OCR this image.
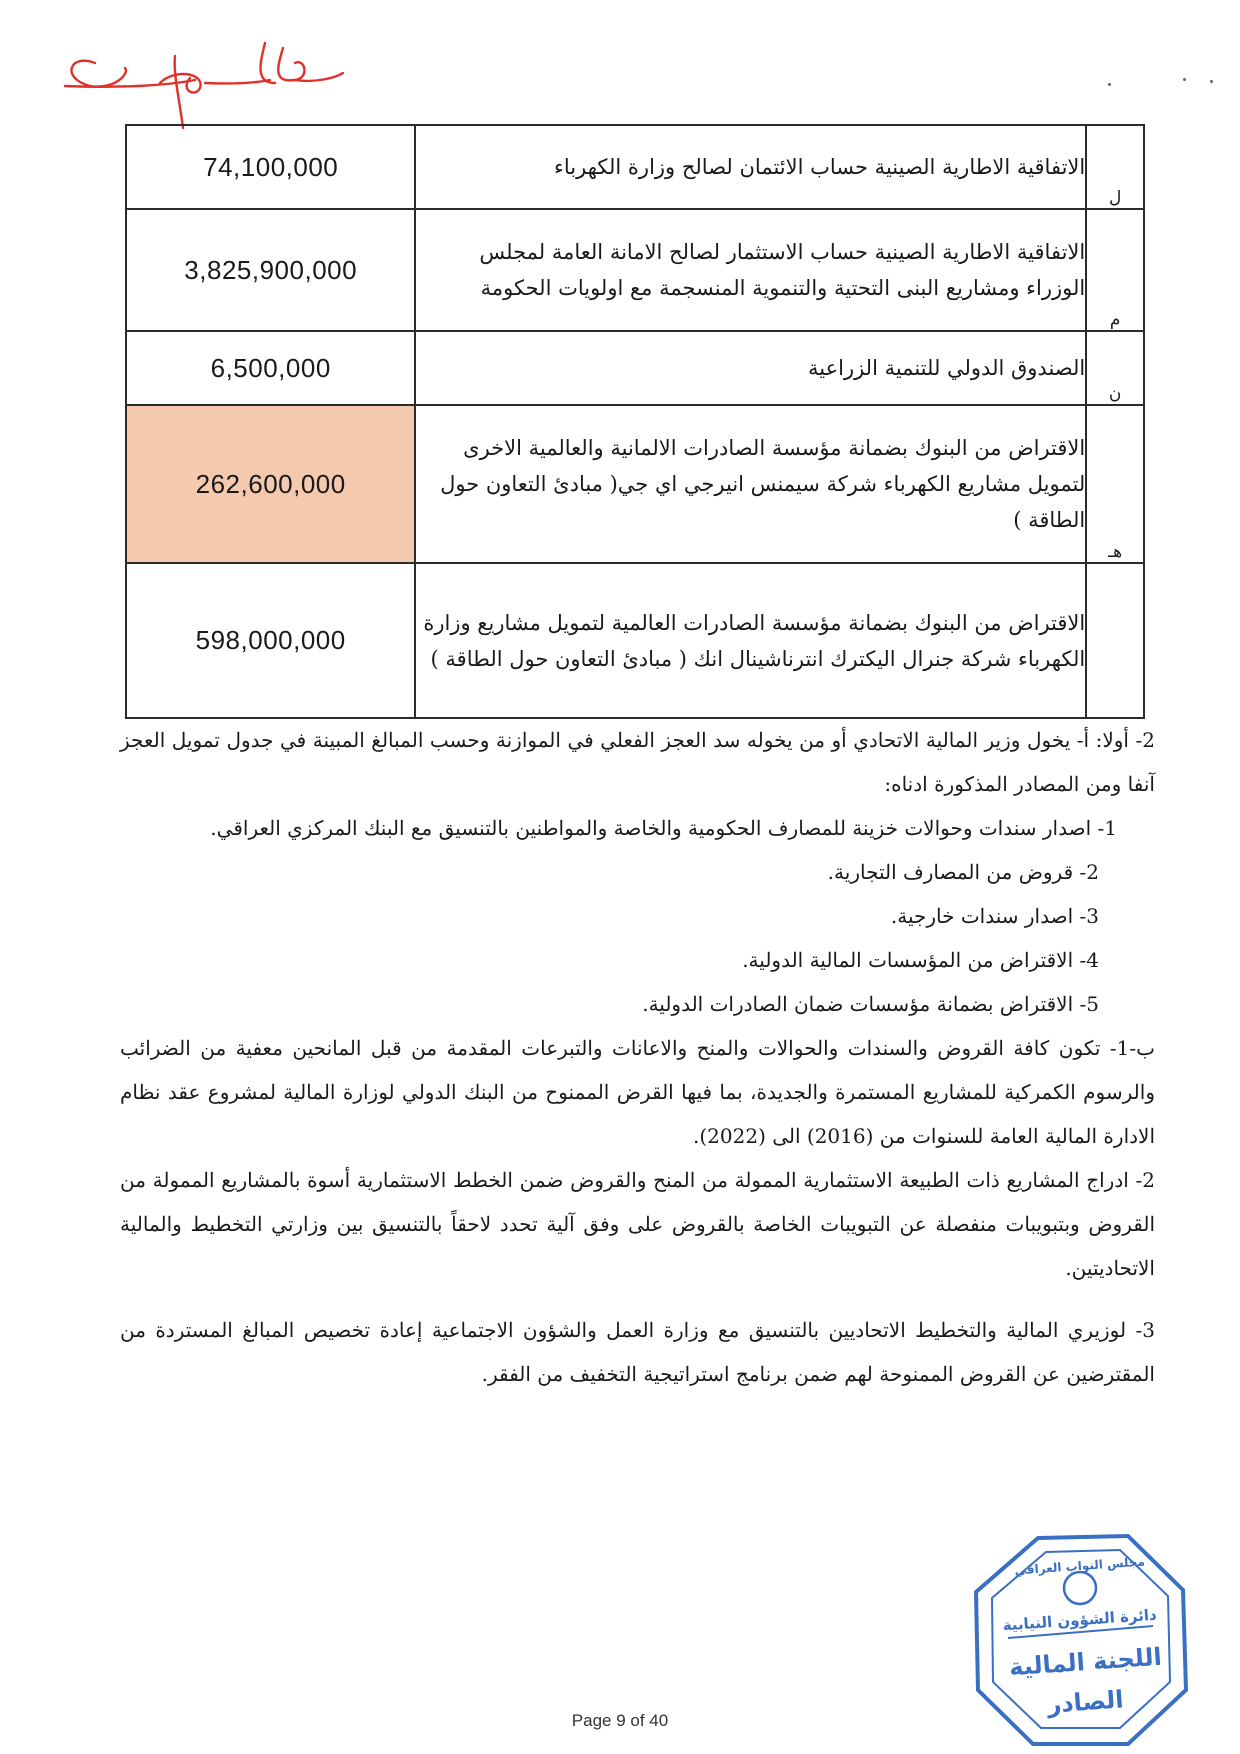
ل	الاتفاقية الاطارية الصينية حساب الائتمان لصالح وزارة الكهرباء	74,100,000
م	الاتفاقية الاطارية الصينية حساب الاستثمار لصالح الامانة العامة لمجلس الوزراء ومشاريع البنى التحتية والتنموية المنسجمة مع اولويات الحكومة	3,825,900,000
ن	الصندوق الدولي للتنمية الزراعية	6,500,000
هـ	الاقتراض من البنوك بضمانة مؤسسة الصادرات الالمانية والعالمية الاخرى لتمويل مشاريع الكهرباء شركة سيمنس انيرجي اي جي( مبادئ التعاون حول الطاقة )	262,600,000
	الاقتراض من البنوك بضمانة مؤسسة الصادرات العالمية لتمويل مشاريع وزارة الكهرباء شركة جنرال اليكترك انترناشينال انك ( مبادئ التعاون حول الطاقة )	598,000,000

2- أولا: أ- يخول وزير المالية الاتحادي أو من يخوله سد العجز الفعلي في الموازنة وحسب المبالغ المبينة في جدول تمويل العجز آنفا ومن المصادر المذكورة ادناه:

1- اصدار سندات وحوالات خزينة للمصارف الحكومية والخاصة والمواطنين بالتنسيق مع البنك المركزي العراقي.

2- قروض من المصارف التجارية.

3- اصدار سندات خارجية.

4- الاقتراض من المؤسسات المالية الدولية.

5- الاقتراض بضمانة مؤسسات ضمان الصادرات الدولية.

ب-1- تكون كافة القروض والسندات والحوالات والمنح والاعانات والتبرعات المقدمة من قبل المانحين معفية من الضرائب والرسوم الكمركية للمشاريع المستمرة والجديدة، بما فيها القرض الممنوح من البنك الدولي لوزارة المالية لمشروع عقد نظام الادارة المالية العامة للسنوات من (2016) الى (2022).

2- ادراج المشاريع ذات الطبيعة الاستثمارية الممولة من المنح والقروض ضمن الخطط الاستثمارية أسوة بالمشاريع الممولة من القروض وبتبويبات منفصلة عن التبويبات الخاصة بالقروض على وفق آلية تحدد لاحقاً بالتنسيق بين وزارتي التخطيط والمالية الاتحاديتين.

3- لوزيري المالية والتخطيط الاتحاديين بالتنسيق مع وزارة العمل والشؤون الاجتماعية إعادة تخصيص المبالغ المستردة من المقترضين عن القروض الممنوحة لهم ضمن برنامج استراتيجية التخفيف من الفقر.

مجلس النواب العراقي
دائرة الشؤون النيابية
اللجنة المالية
الصادر
Page 9 of 40
